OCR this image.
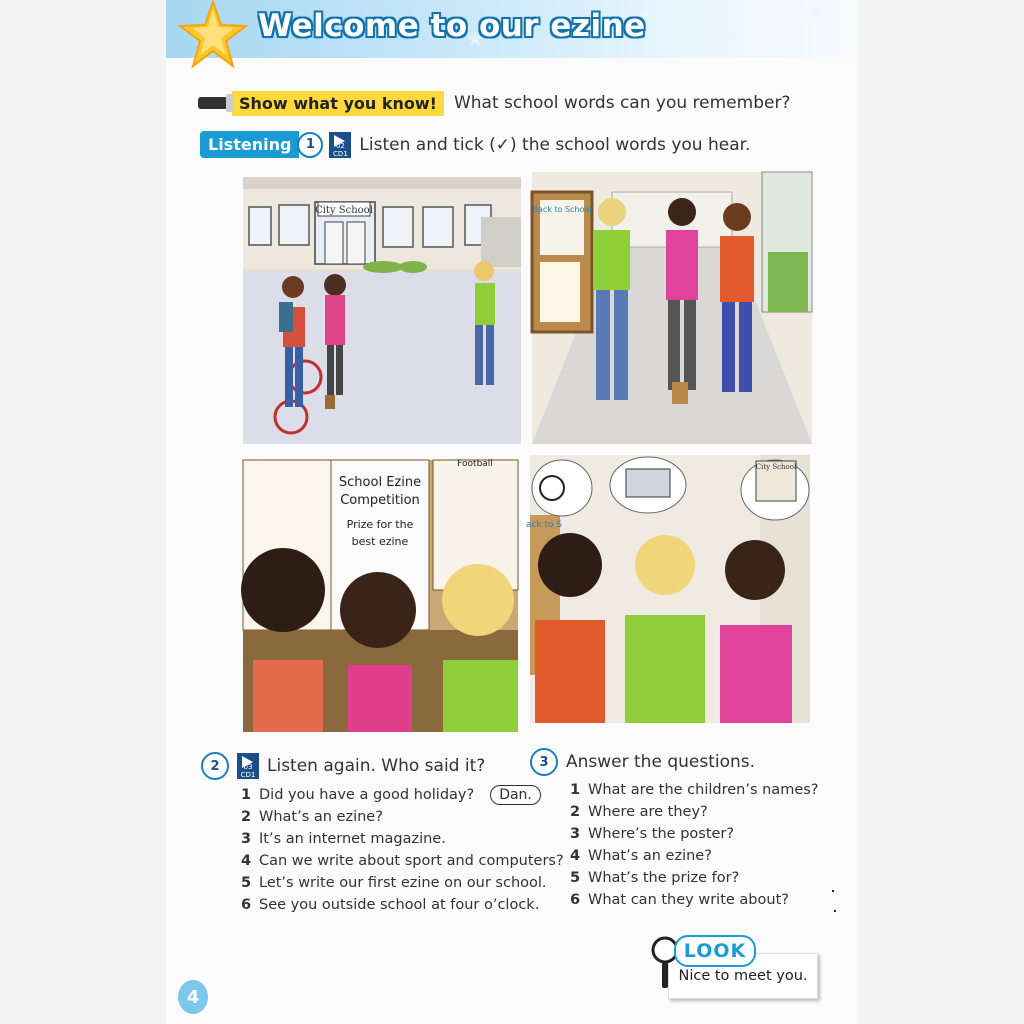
Welcome to our ezine
Show what you know!	What school words can you remember?
Listening	1	02
CD1 Listen and tick (✓) the school words you hear.
City School	Back to School
School Ezine
Competition
Prize for the
best ezine
Football
ack to S
City School
2	03
CD1 Listen again. Who said it?
1 Did you have a good holiday?	Dan.
2 What’s an ezine?
3 It’s an internet magazine.
4 Can we write about sport and computers?
5 Let’s write our first ezine on our school.
6 See you outside school at four o’clock.
3	Answer the questions.
1 What are the children’s names?
2 Where are they?
3 Where’s the poster?
4 What’s an ezine?
5 What’s the prize for?
6 What can they write about?
Nice to meet you.
LOOK
4
